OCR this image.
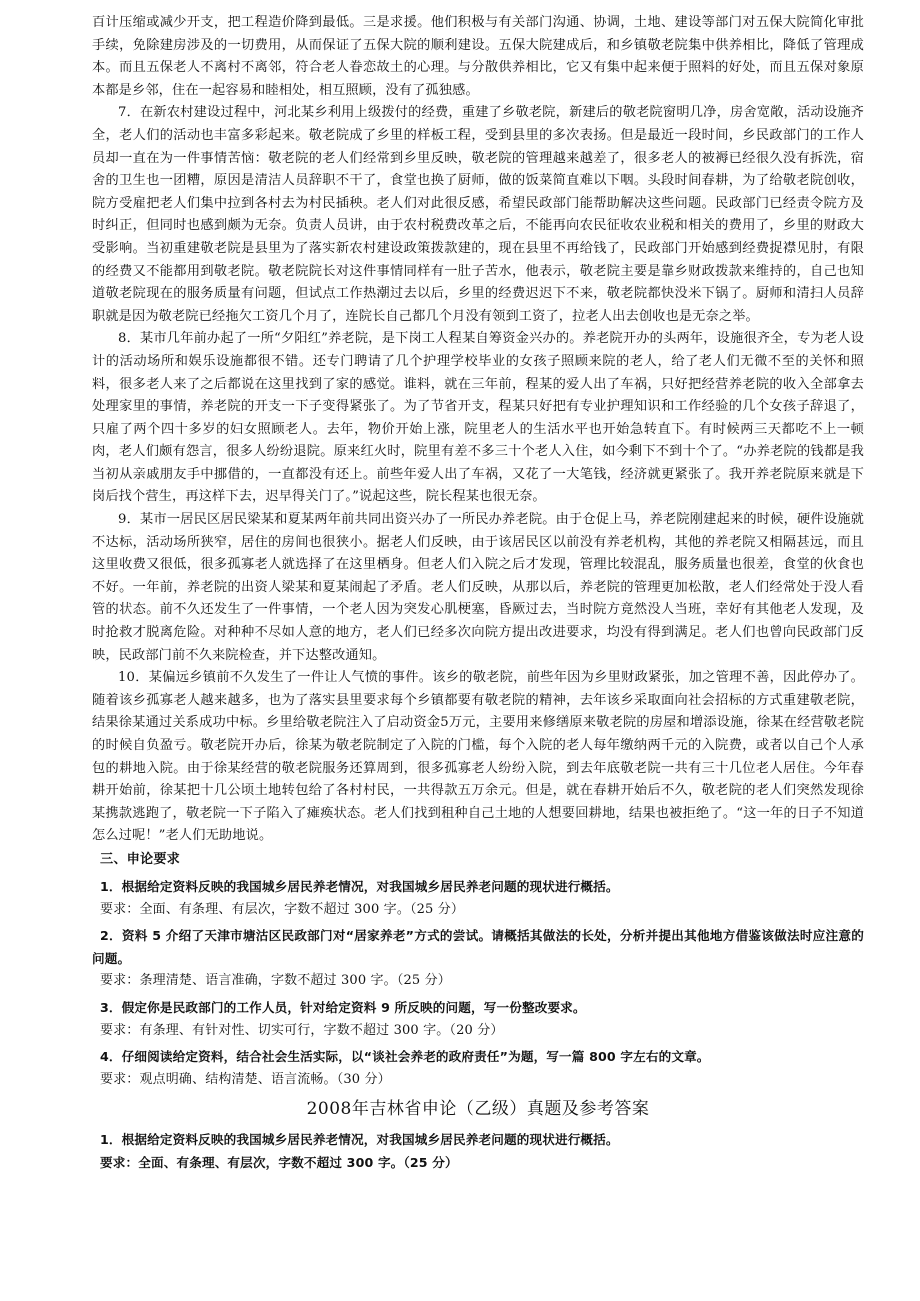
百计压缩或减少开支，把工程造价降到最低。三是求援。他们积极与有关部门沟通、协调，土地、建设等部门对五保大院简化审批手续，免除建房涉及的一切费用，从而保证了五保大院的顺利建设。五保大院建成后，和乡镇敬老院集中供养相比，降低了管理成本。而且五保老人不离村不离邻，符合老人眷恋故土的心理。与分散供养相比，它又有集中起来便于照料的好处，而且五保对象原本都是乡邻，住在一起容易和睦相处，相互照顾，没有了孤独感。

7．在新农村建设过程中，河北某乡利用上级拨付的经费，重建了乡敬老院，新建后的敬老院窗明几净，房舍宽敞，活动设施齐全，老人们的活动也丰富多彩起来。敬老院成了乡里的样板工程，受到县里的多次表扬。但是最近一段时间，乡民政部门的工作人员却一直在为一件事情苦恼：敬老院的老人们经常到乡里反映，敬老院的管理越来越差了，很多老人的被褥已经很久没有拆洗，宿舍的卫生也一团糟，原因是清洁人员辞职不干了，食堂也换了厨师，做的饭菜简直难以下咽。头段时间春耕，为了给敬老院创收，院方受雇把老人们集中拉到各村去为村民插秧。老人们对此很反感，希望民政部门能帮助解决这些问题。民政部门已经责令院方及时纠正，但同时也感到颇为无奈。负责人员讲，由于农村税费改革之后，不能再向农民征收农业税和相关的费用了，乡里的财政大受影响。当初重建敬老院是县里为了落实新农村建设政策拨款建的，现在县里不再给钱了，民政部门开始感到经费捉襟见肘，有限的经费又不能都用到敬老院。敬老院院长对这件事情同样有一肚子苦水，他表示，敬老院主要是靠乡财政拨款来维持的，自己也知道敬老院现在的服务质量有问题，但试点工作热潮过去以后，乡里的经费迟迟下不来，敬老院都快没米下锅了。厨师和清扫人员辞职就是因为敬老院已经拖欠工资几个月了，连院长自己都几个月没有领到工资了，拉老人出去创收也是无奈之举。

8．某市几年前办起了一所“夕阳红”养老院，是下岗工人程某自筹资金兴办的。养老院开办的头两年，设施很齐全，专为老人设计的活动场所和娱乐设施都很不错。还专门聘请了几个护理学校毕业的女孩子照顾来院的老人，给了老人们无微不至的关怀和照料，很多老人来了之后都说在这里找到了家的感觉。谁料，就在三年前，程某的爱人出了车祸，只好把经营养老院的收入全部拿去处理家里的事情，养老院的开支一下子变得紧张了。为了节省开支，程某只好把有专业护理知识和工作经验的几个女孩子辞退了，只雇了两个四十多岁的妇女照顾老人。去年，物价开始上涨，院里老人的生活水平也开始急转直下。有时候两三天都吃不上一顿肉，老人们颇有怨言，很多人纷纷退院。原来红火时，院里有差不多三十个老人入住，如今剩下不到十个了。“办养老院的钱都是我当初从亲戚朋友手中挪借的，一直都没有还上。前些年爱人出了车祸，又花了一大笔钱，经济就更紧张了。我开养老院原来就是下岗后找个营生，再这样下去，迟早得关门了。”说起这些，院长程某也很无奈。

9．某市一居民区居民梁某和夏某两年前共同出资兴办了一所民办养老院。由于仓促上马，养老院刚建起来的时候，硬件设施就不达标，活动场所狭窄，居住的房间也很狭小。据老人们反映，由于该居民区以前没有养老机构，其他的养老院又相隔甚远，而且这里收费又很低，很多孤寡老人就选择了在这里栖身。但老人们入院之后才发现，管理比较混乱，服务质量也很差，食堂的伙食也不好。一年前，养老院的出资人梁某和夏某闹起了矛盾。老人们反映，从那以后，养老院的管理更加松散，老人们经常处于没人看管的状态。前不久还发生了一件事情，一个老人因为突发心肌梗塞，昏厥过去，当时院方竟然没人当班，幸好有其他老人发现，及时抢救才脱离危险。对种种不尽如人意的地方，老人们已经多次向院方提出改进要求，均没有得到满足。老人们也曾向民政部门反映，民政部门前不久来院检查，并下达整改通知。

10．某偏远乡镇前不久发生了一件让人气愤的事件。该乡的敬老院，前些年因为乡里财政紧张，加之管理不善，因此停办了。随着该乡孤寡老人越来越多，也为了落实县里要求每个乡镇都要有敬老院的精神，去年该乡采取面向社会招标的方式重建敬老院，结果徐某通过关系成功中标。乡里给敬老院注入了启动资金5万元，主要用来修缮原来敬老院的房屋和增添设施，徐某在经营敬老院的时候自负盈亏。敬老院开办后，徐某为敬老院制定了入院的门槛，每个入院的老人每年缴纳两千元的入院费，或者以自己个人承包的耕地入院。由于徐某经营的敬老院服务还算周到，很多孤寡老人纷纷入院，到去年底敬老院一共有三十几位老人居住。今年春耕开始前，徐某把十几公顷土地转包给了各村村民，一共得款五万余元。但是，就在春耕开始后不久，敬老院的老人们突然发现徐某携款逃跑了，敬老院一下子陷入了瘫痪状态。老人们找到租种自己土地的人想要回耕地，结果也被拒绝了。“这一年的日子不知道怎么过呢！”老人们无助地说。

三、申论要求

1．根据给定资料反映的我国城乡居民养老情况，对我国城乡居民养老问题的现状进行概括。

要求：全面、有条理、有层次，字数不超过 300 字。（25 分）

2．资料 5 介绍了天津市塘沽区民政部门对“居家养老”方式的尝试。请概括其做法的长处，分析并提出其他地方借鉴该做法时应注意的问题。

要求：条理清楚、语言准确，字数不超过 300 字。（25 分）

3．假定你是民政部门的工作人员，针对给定资料 9 所反映的问题，写一份整改要求。

要求：有条理、有针对性、切实可行，字数不超过 300 字。（20 分）

4．仔细阅读给定资料，结合社会生活实际，以“谈社会养老的政府责任”为题，写一篇 800 字左右的文章。

要求：观点明确、结构清楚、语言流畅。（30 分）

2008年吉林省申论（乙级）真题及参考答案

1．根据给定资料反映的我国城乡居民养老情况，对我国城乡居民养老问题的现状进行概括。

要求：全面、有条理、有层次，字数不超过 300 字。（25 分）
